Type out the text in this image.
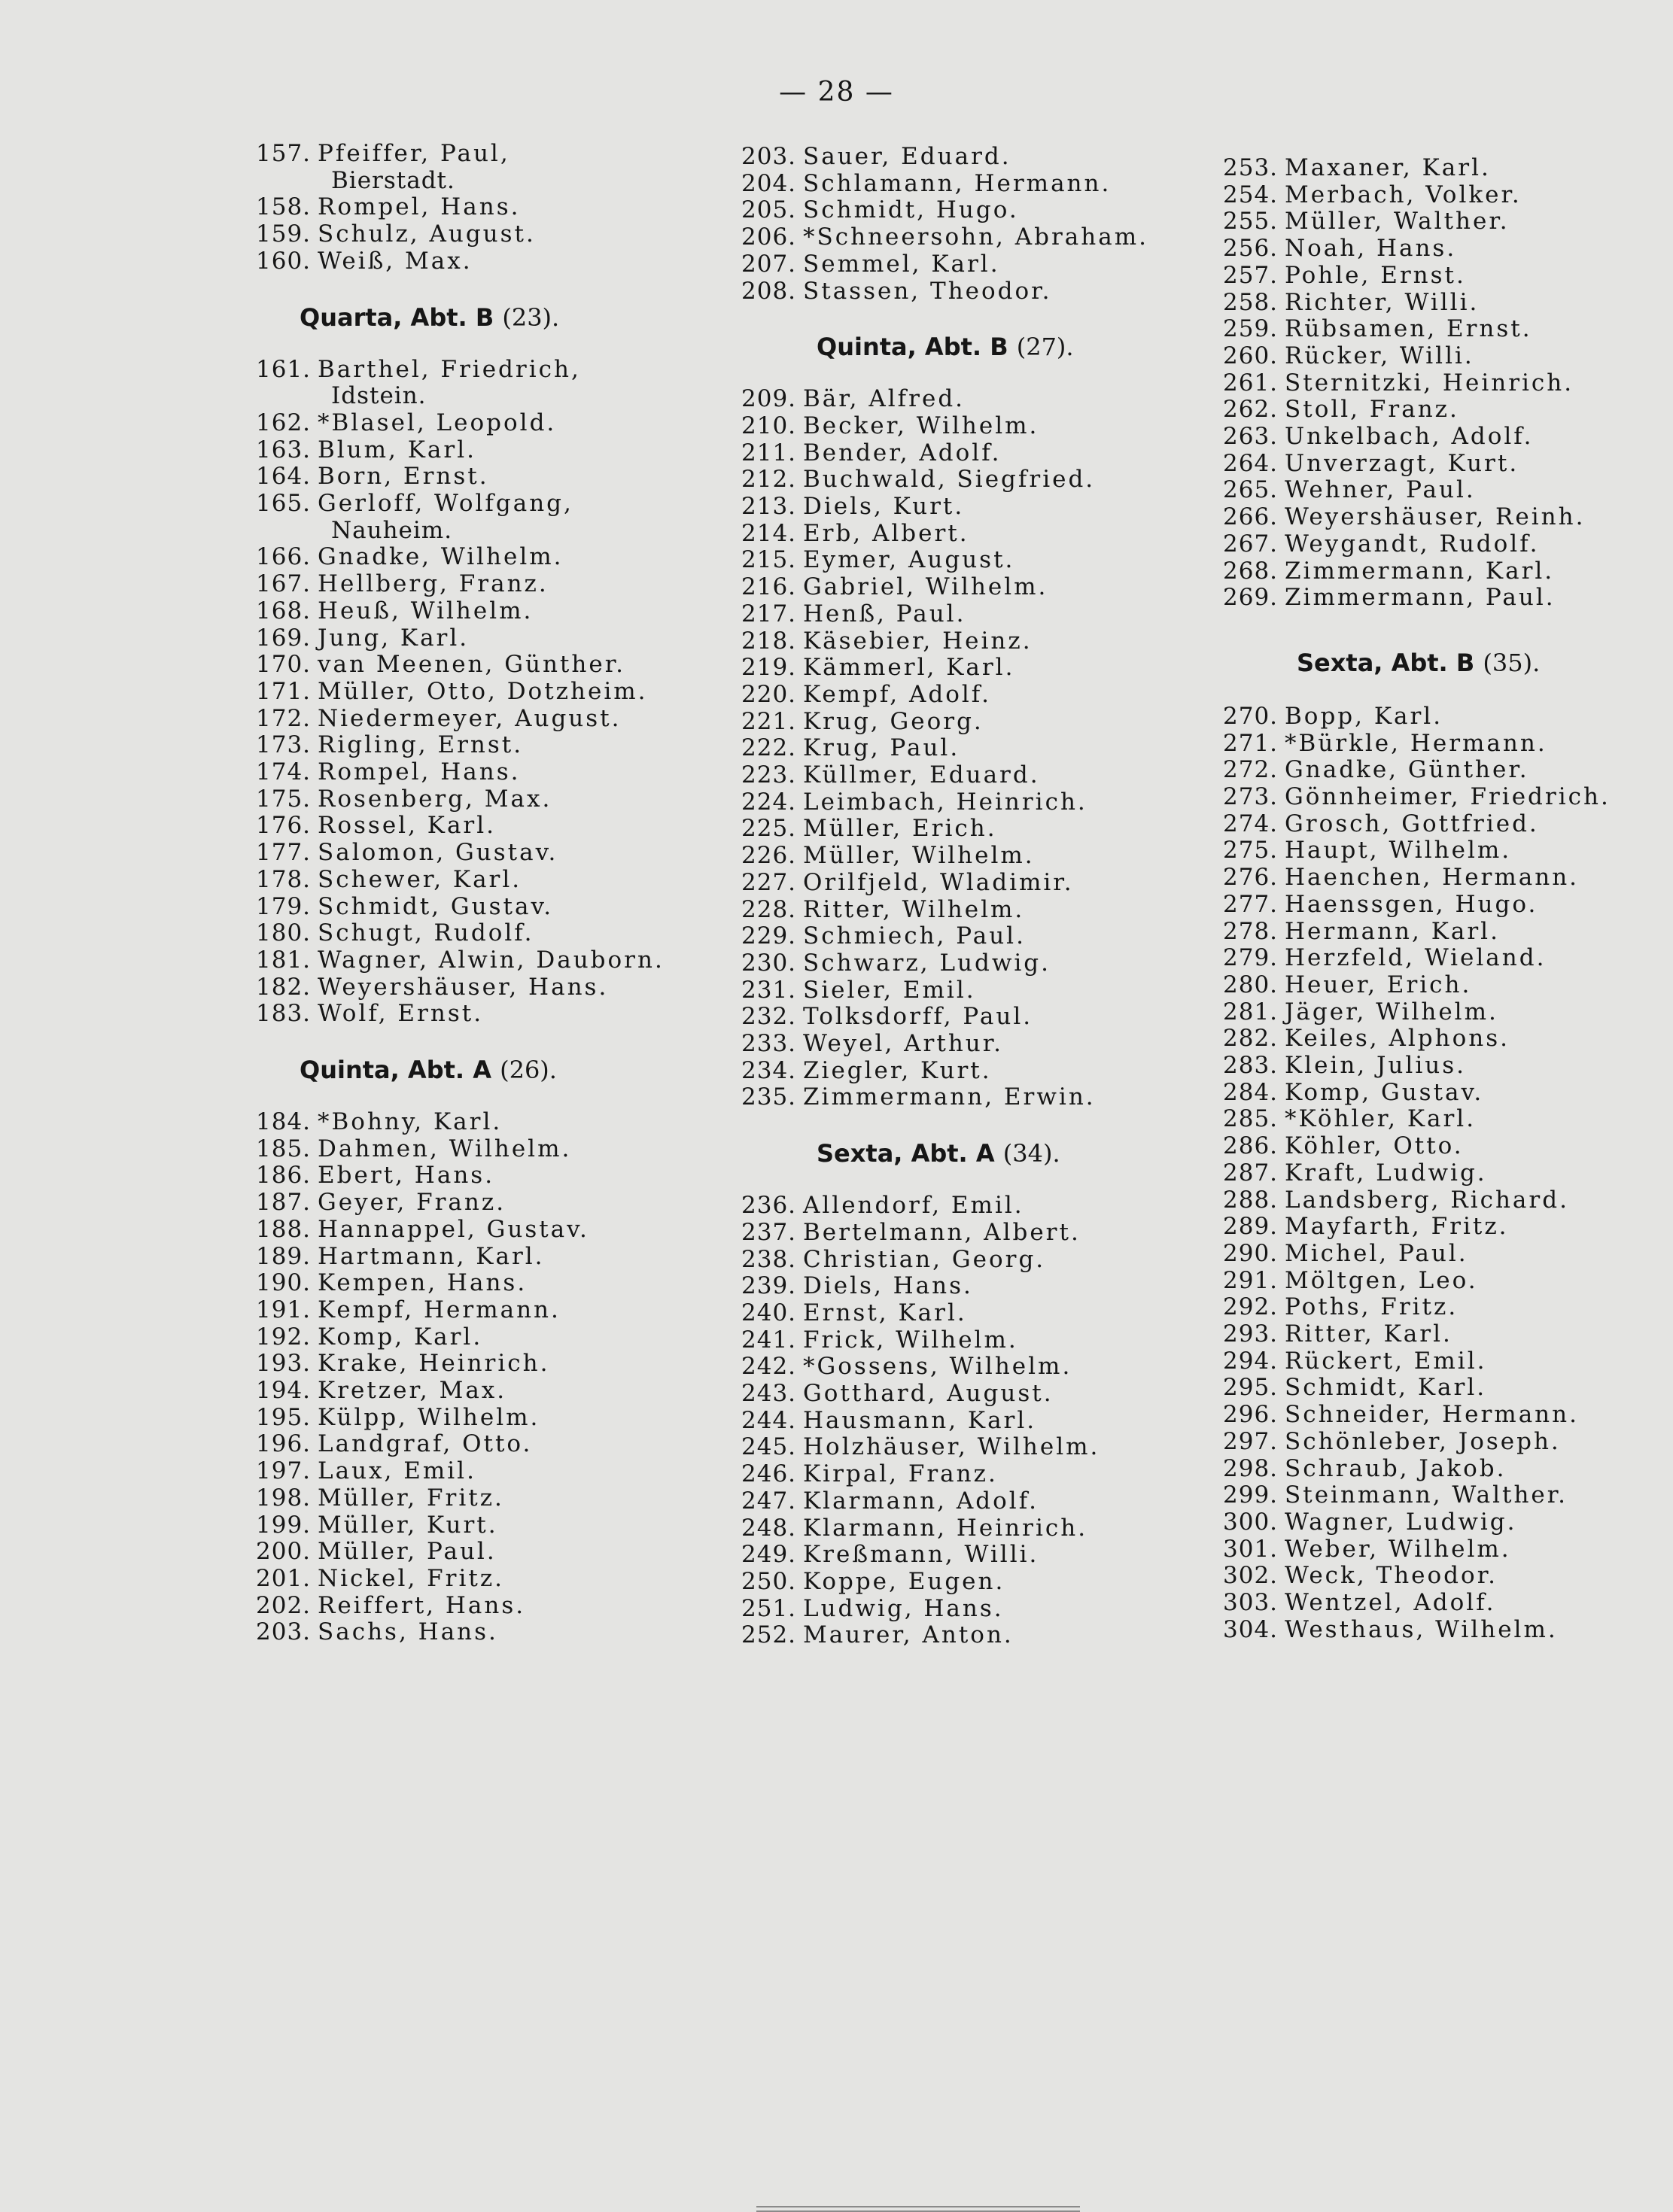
— 28 —
157. Pfeiffer, Paul,
Bierstadt.
158. Rompel, Hans.
159. Schulz, August.
160. Weiß, Max.
Quarta, Abt. B (23).
161. Barthel, Friedrich,
Idstein.
162. *Blasel, Leopold.
163. Blum, Karl.
164. Born, Ernst.
165. Gerloff, Wolfgang,
Nauheim.
166. Gnadke, Wilhelm.
167. Hellberg, Franz.
168. Heuß, Wilhelm.
169. Jung, Karl.
170. van Meenen, Günther.
171. Müller, Otto, Dotzheim.
172. Niedermeyer, August.
173. Rigling, Ernst.
174. Rompel, Hans.
175. Rosenberg, Max.
176. Rossel, Karl.
177. Salomon, Gustav.
178. Schewer, Karl.
179. Schmidt, Gustav.
180. Schugt, Rudolf.
181. Wagner, Alwin, Dauborn.
182. Weyershäuser, Hans.
183. Wolf, Ernst.
Quinta, Abt. A (26).
184. *Bohny, Karl.
185. Dahmen, Wilhelm.
186. Ebert, Hans.
187. Geyer, Franz.
188. Hannappel, Gustav.
189. Hartmann, Karl.
190. Kempen, Hans.
191. Kempf, Hermann.
192. Komp, Karl.
193. Krake, Heinrich.
194. Kretzer, Max.
195. Külpp, Wilhelm.
196. Landgraf, Otto.
197. Laux, Emil.
198. Müller, Fritz.
199. Müller, Kurt.
200. Müller, Paul.
201. Nickel, Fritz.
202. Reiffert, Hans.
203. Sachs, Hans.
203. Sauer, Eduard.
204. Schlamann, Hermann.
205. Schmidt, Hugo.
206. *Schneersohn, Abraham.
207. Semmel, Karl.
208. Stassen, Theodor.
Quinta, Abt. B (27).
209. Bär, Alfred.
210. Becker, Wilhelm.
211. Bender, Adolf.
212. Buchwald, Siegfried.
213. Diels, Kurt.
214. Erb, Albert.
215. Eymer, August.
216. Gabriel, Wilhelm.
217. Henß, Paul.
218. Käsebier, Heinz.
219. Kämmerl, Karl.
220. Kempf, Adolf.
221. Krug, Georg.
222. Krug, Paul.
223. Küllmer, Eduard.
224. Leimbach, Heinrich.
225. Müller, Erich.
226. Müller, Wilhelm.
227. Orilfjeld, Wladimir.
228. Ritter, Wilhelm.
229. Schmiech, Paul.
230. Schwarz, Ludwig.
231. Sieler, Emil.
232. Tolksdorff, Paul.
233. Weyel, Arthur.
234. Ziegler, Kurt.
235. Zimmermann, Erwin.
Sexta, Abt. A (34).
236. Allendorf, Emil.
237. Bertelmann, Albert.
238. Christian, Georg.
239. Diels, Hans.
240. Ernst, Karl.
241. Frick, Wilhelm.
242. *Gossens, Wilhelm.
243. Gotthard, August.
244. Hausmann, Karl.
245. Holzhäuser, Wilhelm.
246. Kirpal, Franz.
247. Klarmann, Adolf.
248. Klarmann, Heinrich.
249. Kreßmann, Willi.
250. Koppe, Eugen.
251. Ludwig, Hans.
252. Maurer, Anton.
253. Maxaner, Karl.
254. Merbach, Volker.
255. Müller, Walther.
256. Noah, Hans.
257. Pohle, Ernst.
258. Richter, Willi.
259. Rübsamen, Ernst.
260. Rücker, Willi.
261. Sternitzki, Heinrich.
262. Stoll, Franz.
263. Unkelbach, Adolf.
264. Unverzagt, Kurt.
265. Wehner, Paul.
266. Weyershäuser, Reinh.
267. Weygandt, Rudolf.
268. Zimmermann, Karl.
269. Zimmermann, Paul.
Sexta, Abt. B (35).
270. Bopp, Karl.
271. *Bürkle, Hermann.
272. Gnadke, Günther.
273. Gönnheimer, Friedrich.
274. Grosch, Gottfried.
275. Haupt, Wilhelm.
276. Haenchen, Hermann.
277. Haenssgen, Hugo.
278. Hermann, Karl.
279. Herzfeld, Wieland.
280. Heuer, Erich.
281. Jäger, Wilhelm.
282. Keiles, Alphons.
283. Klein, Julius.
284. Komp, Gustav.
285. *Köhler, Karl.
286. Köhler, Otto.
287. Kraft, Ludwig.
288. Landsberg, Richard.
289. Mayfarth, Fritz.
290. Michel, Paul.
291. Möltgen, Leo.
292. Poths, Fritz.
293. Ritter, Karl.
294. Rückert, Emil.
295. Schmidt, Karl.
296. Schneider, Hermann.
297. Schönleber, Joseph.
298. Schraub, Jakob.
299. Steinmann, Walther.
300. Wagner, Ludwig.
301. Weber, Wilhelm.
302. Weck, Theodor.
303. Wentzel, Adolf.
304. Westhaus, Wilhelm.
